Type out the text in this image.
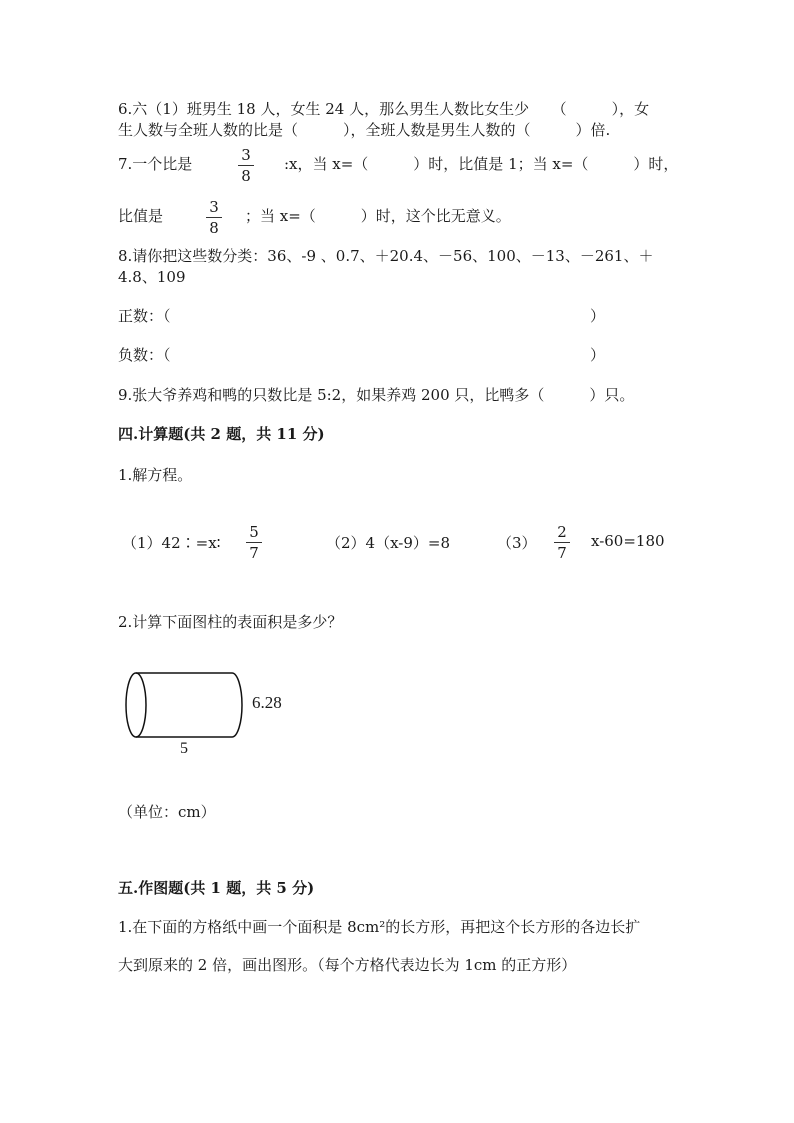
6.六（1）班男生 18 人，女生 24 人，那么男生人数比女生少　　（　　　），女
生人数与全班人数的比是（　　　），全班人数是男生人数的（　　　）倍.
7.一个比是	3
8
:x，当 x=（　　　）时，比值是 1；当 x=（　　　）时，
比值是	3
8
；当 x=（　　　）时，这个比无意义。
8.请你把这些数分类：36、-9 、0.7、＋20.4、－56、100、－13、－261、＋
4.8、109
正数：（	）
负数：（	）
9.张大爷养鸡和鸭的只数比是 5:2，如果养鸡 200 只，比鸭多（　　　）只。
四.计算题(共 2 题，共 11 分)
1.解方程。
（1）42∶=x∶
5
7
（2）4（x-9）=8	（3）
2
7
x-60=180
2.计算下面图柱的表面积是多少？
6.28
5
（单位：cm）
五.作图题(共 1 题，共 5 分)
1.在下面的方格纸中画一个面积是 8cm²的长方形，再把这个长方形的各边长扩
大到原来的 2 倍，画出图形。（每个方格代表边长为 1cm 的正方形）
